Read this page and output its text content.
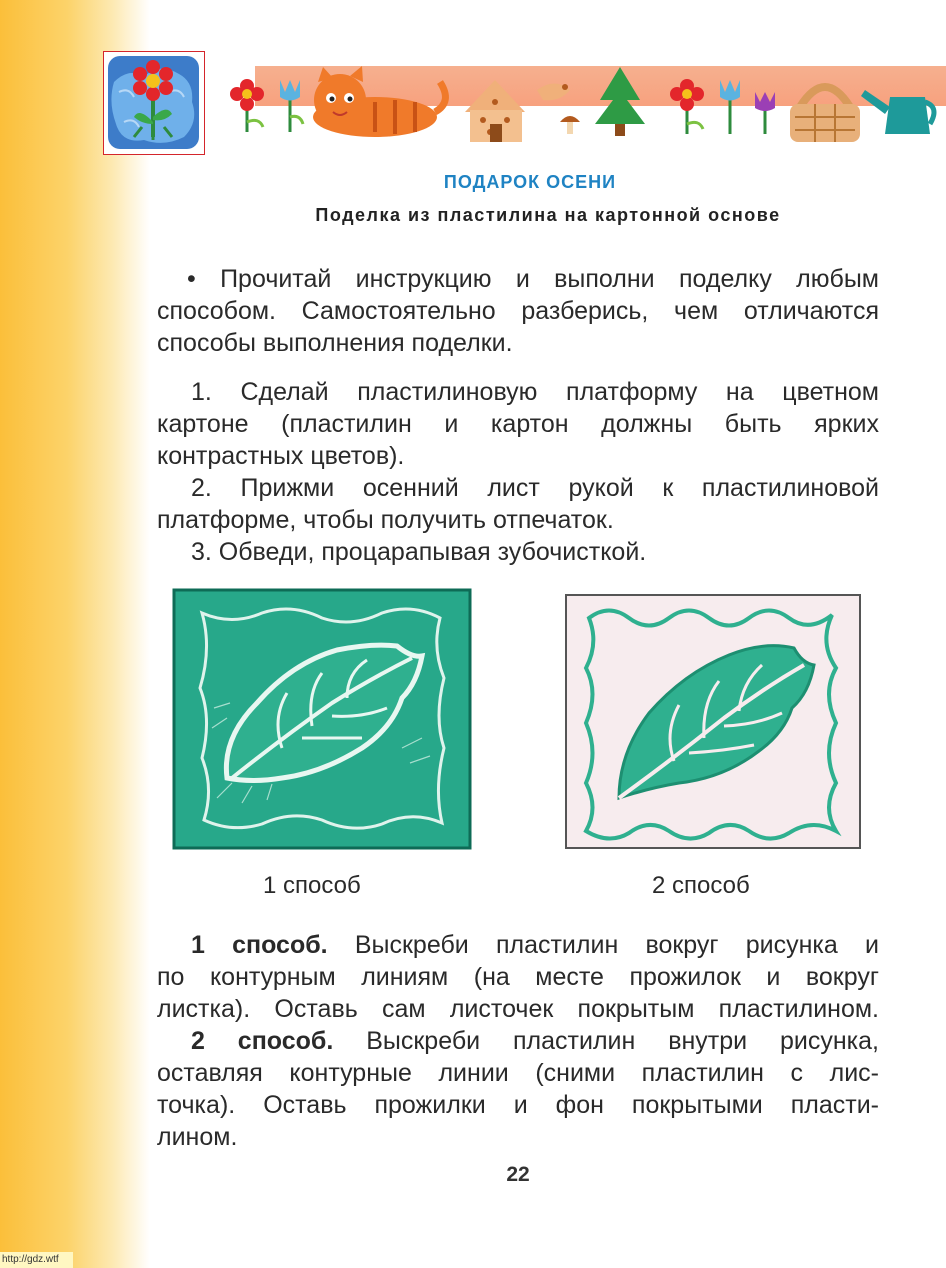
ПОДАРОК ОСЕНИ
Поделка из пластилина на картонной основе
• Прочитай инструкцию и выполни поделку любым
способом. Самостоятельно разберись, чем отличаются
способы выполнения поделки.
1. Сделай пластилиновую платформу на цветном
картоне (пластилин и картон должны быть ярких
контрастных цветов).
2. Прижми осенний лист рукой к пластилиновой
платформе, чтобы получить отпечаток.
3. Обведи, процарапывая зубочисткой.
1 способ	2 способ
1 способ. Выскреби пластилин вокруг рисунка и
по контурным линиям (на месте прожилок и вокруг
листка). Оставь сам листочек покрытым пластилином.
2 способ. Выскреби пластилин внутри рисунка,
оставляя контурные линии (сними пластилин с лис-
точка). Оставь прожилки и фон покрытыми пласти-
лином.
22
http://gdz.wtf
